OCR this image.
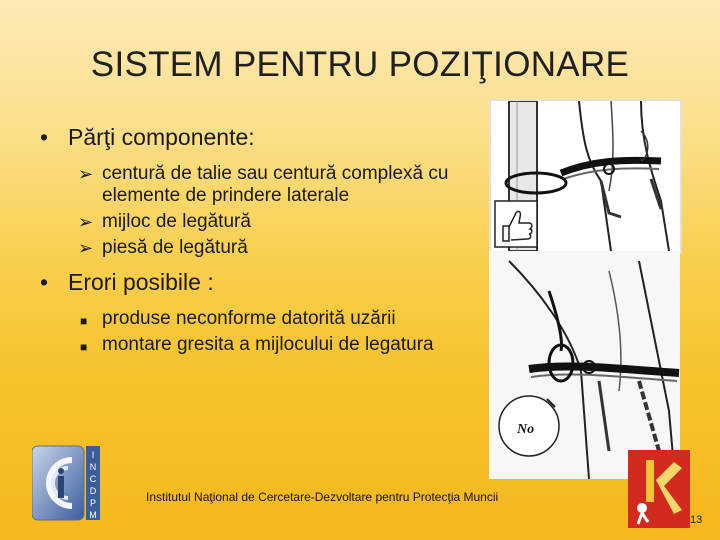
SISTEM PENTRU POZIŢIONARE
• Părţi componente:
➢ centură de talie sau centură complexă cu elemente de prindere laterale
➢ mijloc de legătură
➢ piesă de legătură
• Erori posibile :
■ produse neconforme datorită uzării
■ montare gresita a mijlocului de legatura
No
I
N
C
D
P
M
Institutul Naţional de Cercetare-Dezvoltare pentru Protecţia Muncii
13
